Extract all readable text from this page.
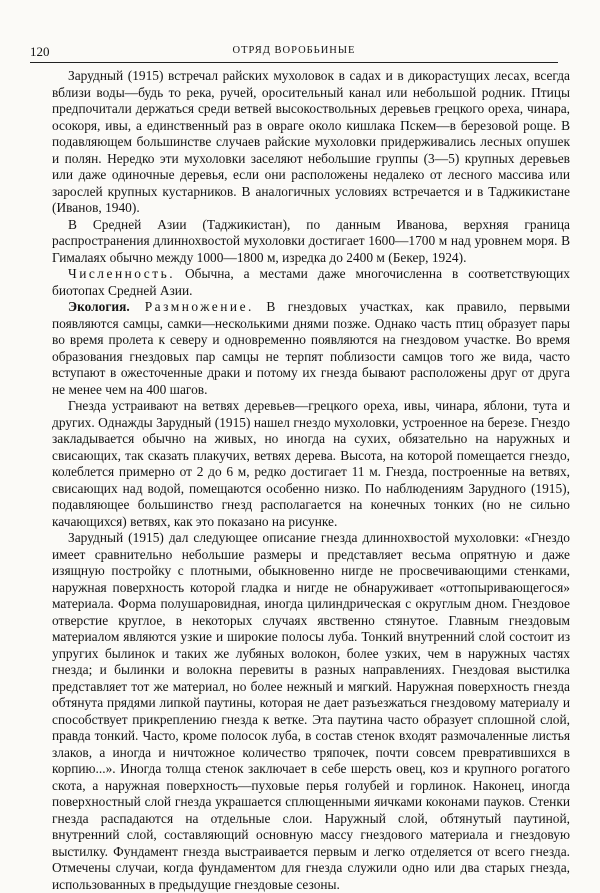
120	ОТРЯД ВОРОБЬИНЫЕ

Зарудный (1915) встречал райских мухоловок в садах и в дикорастущих лесах, всегда вблизи воды—будь то река, ручей, оросительный канал или небольшой родник. Птицы предпочитали держаться среди ветвей высокоствольных деревьев грецкого ореха, чинара, осокоря, ивы, а единственный раз в овраге около кишлака Пскем—в березовой роще. В подавляющем большинстве случаев райские мухоловки придерживались лесных опушек и полян. Нередко эти мухоловки заселяют небольшие группы (3—5) крупных деревьев или даже одиночные деревья, если они расположены недалеко от лесного массива или зарослей крупных кустарников. В аналогичных условиях встречается и в Таджикистане (Иванов, 1940).

В Средней Азии (Таджикистан), по данным Иванова, верхняя граница распространения длиннохвостой мухоловки достигает 1600—1700 м над уровнем моря. В Гималаях обычно между 1000—1800 м, изредка до 2400 м (Бекер, 1924).

Численность. Обычна, а местами даже многочисленна в соответствующих биотопах Средней Азии.

Экология. Размножение. В гнездовых участках, как правило, первыми появляются самцы, самки—несколькими днями позже. Однако часть птиц образует пары во время пролета к северу и одновременно появляются на гнездовом участке. Во время образования гнездовых пар самцы не терпят поблизости самцов того же вида, часто вступают в ожесточенные драки и потому их гнезда бывают расположены друг от друга не менее чем на 400 шагов.

Гнезда устраивают на ветвях деревьев—грецкого ореха, ивы, чинара, яблони, тута и других. Однажды Зарудный (1915) нашел гнездо мухоловки, устроенное на березе. Гнездо закладывается обычно на живых, но иногда на сухих, обязательно на наружных и свисающих, так сказать плакучих, ветвях дерева. Высота, на которой помещается гнездо, колеблется примерно от 2 до 6 м, редко достигает 11 м. Гнезда, построенные на ветвях, свисающих над водой, помещаются особенно низко. По наблюдениям Зарудного (1915), подавляющее большинство гнезд располагается на конечных тонких (но не сильно качающихся) ветвях, как это показано на рисунке.

Зарудный (1915) дал следующее описание гнезда длиннохвостой мухоловки: «Гнездо имеет сравнительно небольшие размеры и представляет весьма опрятную и даже изящную постройку с плотными, обыкновенно нигде не просвечивающими стенками, наружная поверхность которой гладка и нигде не обнаруживает «оттопыривающегося» материала. Форма полушаровидная, иногда цилиндрическая с округлым дном. Гнездовое отверстие круглое, в некоторых случаях явственно стянутое. Главным гнездовым материалом являются узкие и широкие полосы луба. Тонкий внутренний слой состоит из упругих былинок и таких же лубяных волокон, более узких, чем в наружных частях гнезда; и былинки и волокна перевиты в разных направлениях. Гнездовая выстилка представляет тот же материал, но более нежный и мягкий. Наружная поверхность гнезда обтянута прядями липкой паутины, которая не дает разъезжаться гнездовому материалу и способствует прикреплению гнезда к ветке. Эта паутина часто образует сплошной слой, правда тонкий. Часто, кроме полосок луба, в состав стенок входят размочаленные листья злаков, а иногда и ничтожное количество тряпочек, почти совсем превратившихся в корпию...». Иногда толща стенок заключает в себе шерсть овец, коз и крупного рогатого скота, а наружная поверхность—пуховые перья голубей и горлинок. Наконец, иногда поверхностный слой гнезда украшается сплющенными яичками коконами пауков. Стенки гнезда распадаются на отдельные слои. Наружный слой, обтянутый паутиной, внутренний слой, составляющий основную массу гнездового материала и гнездовую выстилку. Фундамент гнезда выстраивается первым и легко отделяется от всего гнезда. Отмечены случаи, когда фундаментом для гнезда служили одно или два старых гнезда, использованных в предыдущие гнездовые сезоны.
